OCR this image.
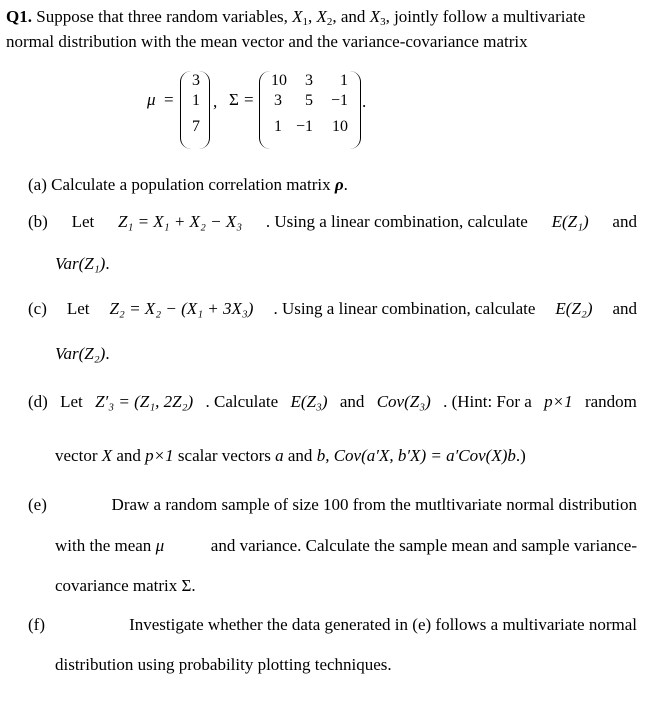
Q1. Suppose that three random variables, $X_1$, $X_2$, and $X_3$, jointly follow a multivariate
normal distribution with the mean vector and the variance-covariance matrix
μ =
3
1
7
, Σ =
10	3	1
3	5	−1
1 −1	10
.
(a) Calculate a population correlation matrix ρ.
(b) Let Z₁ = X₁ + X₂ − X₃ . Using a linear combination, calculate E(Z₁) and
Var(Z₁).
(c) Let Z₂ = X₂ − (X₁ + 3X₃) . Using a linear combination, calculate E(Z₂) and
Var(Z₂).
(d) Let Z′₃ = (Z₁, 2Z₂) . Calculate E(Z₃) and Cov(Z₃) . (Hint: For a p×1 random
vector X and p×1 scalar vectors a and b, Cov(a′X, b′X) = a′Cov(X)b.)
(e)	Draw a random sample of size 100 from the mutltivariate normal distribution
with the mean μ	and variance. Calculate the sample mean and sample variance-
covariance matrix Σ.
(f)	Investigate whether the data generated in (e) follows a multivariate normal
distribution using probability plotting techniques.
